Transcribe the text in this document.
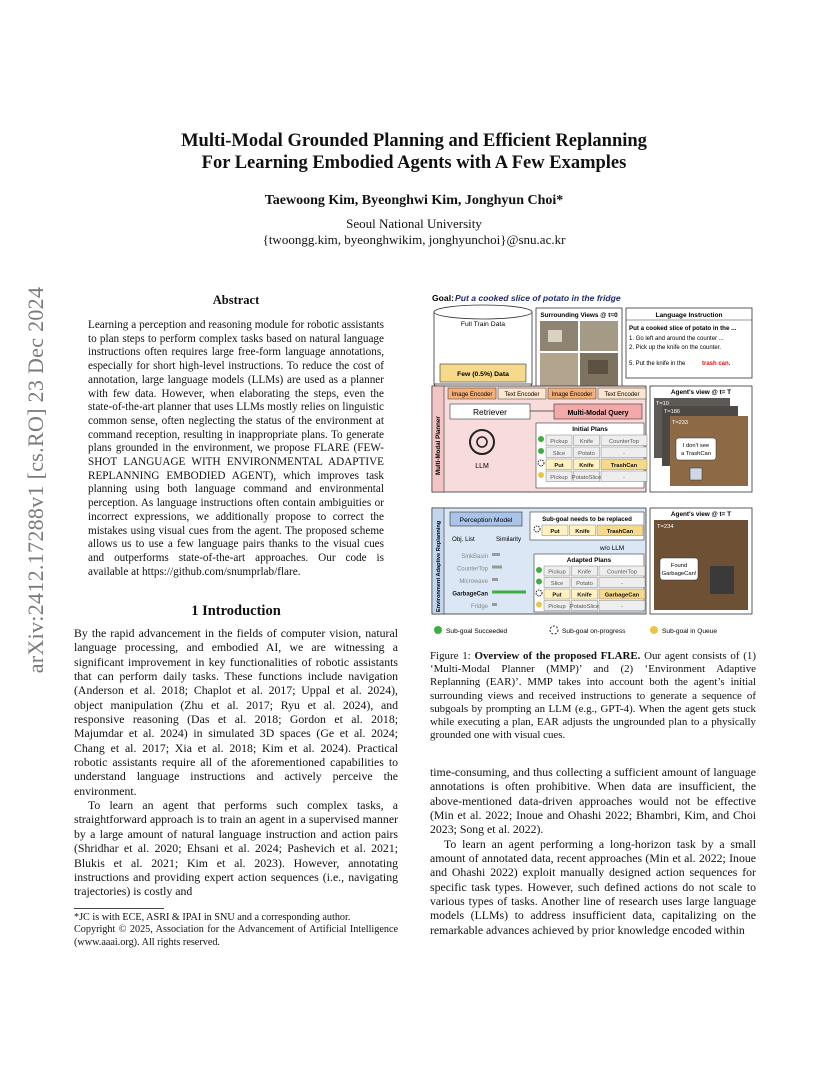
arXiv:2412.17288v1 [cs.RO] 23 Dec 2024
Multi-Modal Grounded Planning and Efficient Replanning
For Learning Embodied Agents with A Few Examples
Taewoong Kim, Byeonghwi Kim, Jonghyun Choi*
Seoul National University
{twoongg.kim, byeonghwikim, jonghyunchoi}@snu.ac.kr
Abstract

Learning a perception and reasoning module for robotic assistants to plan steps to perform complex tasks based on natural language instructions often requires large free-form language annotations, especially for short high-level instructions. To reduce the cost of annotation, large language models (LLMs) are used as a planner with few data. However, when elaborating the steps, even the state-of-the-art planner that uses LLMs mostly relies on linguistic common sense, often neglecting the status of the environment at command reception, resulting in inappropriate plans. To generate plans grounded in the environment, we propose FLARE (FEW-SHOT LANGUAGE WITH ENVIRONMENTAL ADAPTIVE REPLANNING EMBODIED AGENT), which improves task planning using both language command and environmental perception. As language instructions often contain ambiguities or incorrect expressions, we additionally propose to correct the mistakes using visual cues from the agent. The proposed scheme allows us to use a few language pairs thanks to the visual cues and outperforms state-of-the-art approaches. Our code is available at https://github.com/snumprlab/flare.

1 Introduction

By the rapid advancement in the fields of computer vision, natural language processing, and embodied AI, we are witnessing a significant improvement in key functionalities of robotic assistants that can perform daily tasks. These functions include navigation (Anderson et al. 2018; Chaplot et al. 2017; Uppal et al. 2024), object manipulation (Zhu et al. 2017; Ryu et al. 2024), and responsive reasoning (Das et al. 2018; Gordon et al. 2018; Majumdar et al. 2024) in simulated 3D spaces (Ge et al. 2024; Chang et al. 2017; Xia et al. 2018; Kim et al. 2024). Practical robotic assistants require all of the aforementioned capabilities to understand language instructions and actively perceive the environment.

To learn an agent that performs such complex tasks, a straightforward approach is to train an agent in a supervised manner by a large amount of natural language instruction and action pairs (Shridhar et al. 2020; Ehsani et al. 2024; Pashevich et al. 2021; Blukis et al. 2021; Kim et al. 2023). However, annotating instructions and providing expert action sequences (i.e., navigating trajectories) is costly and

*JC is with ECE, ASRI & IPAI in SNU and a corresponding author.
Copyright © 2025, Association for the Advancement of Artificial Intelligence (www.aaai.org). All rights reserved.
Goal: Put a cooked slice of potato in the fridge
Full Train Data
Few (0.5%) Data
Surrounding Views @ t=0	Language Instruction
Put a cooked slice of potato in the ...
1. Go left and around the counter ...
2. Pick up the knife on the counter.
5. Put the knife in the	trash can.
Multi-Modal Planner
Image Encoder Text Encoder Image Encoder Text Encoder
Retriever	Multi-Modal Query
LLM
Initial Plans
Pickup Knife	CounterTop
Slice Potato	-
Put	Knife	TrashCan
Pickup PotatoSlice	-
Agent's view @ t= T
T=10
T=186
T=233
I don't see
a TrashCan
Environment Adaptive Replanning
Perception Model
Obj. List	Similarity
SinkBasin
CounterTop
Microwave
GarbageCan
Fridge
Sub-goal needs to be replaced
Put	Knife	TrashCan
w/o LLM
Adapted Plans
Pickup Knife	CounterTop
Slice Potato	-
Put	Knife GarbageCan
Pickup PotatoSlice	-
Agent's view @ t= T
T=234
Found
GarbageCan!
Sub-goal Succeeded	Sub-goal on-progress	Sub-goal in Queue
Figure 1: Overview of the proposed FLARE. Our agent consists of (1) ‘Multi-Modal Planner (MMP)’ and (2) ‘Environment Adaptive Replanning (EAR)’. MMP takes into account both the agent’s initial surrounding views and received instructions to generate a sequence of subgoals by prompting an LLM (e.g., GPT-4). When the agent gets stuck while executing a plan, EAR adjusts the ungrounded plan to a physically grounded one with visual cues.

time-consuming, and thus collecting a sufficient amount of language annotations is often prohibitive. When data are insufficient, the above-mentioned data-driven approaches would not be effective (Min et al. 2022; Inoue and Ohashi 2022; Bhambri, Kim, and Choi 2023; Song et al. 2022).

To learn an agent performing a long-horizon task by a small amount of annotated data, recent approaches (Min et al. 2022; Inoue and Ohashi 2022) exploit manually designed action sequences for specific task types. However, such defined actions do not scale to various types of tasks. Another line of research uses large language models (LLMs) to address insufficient data, capitalizing on the remarkable advances achieved by prior knowledge encoded within
